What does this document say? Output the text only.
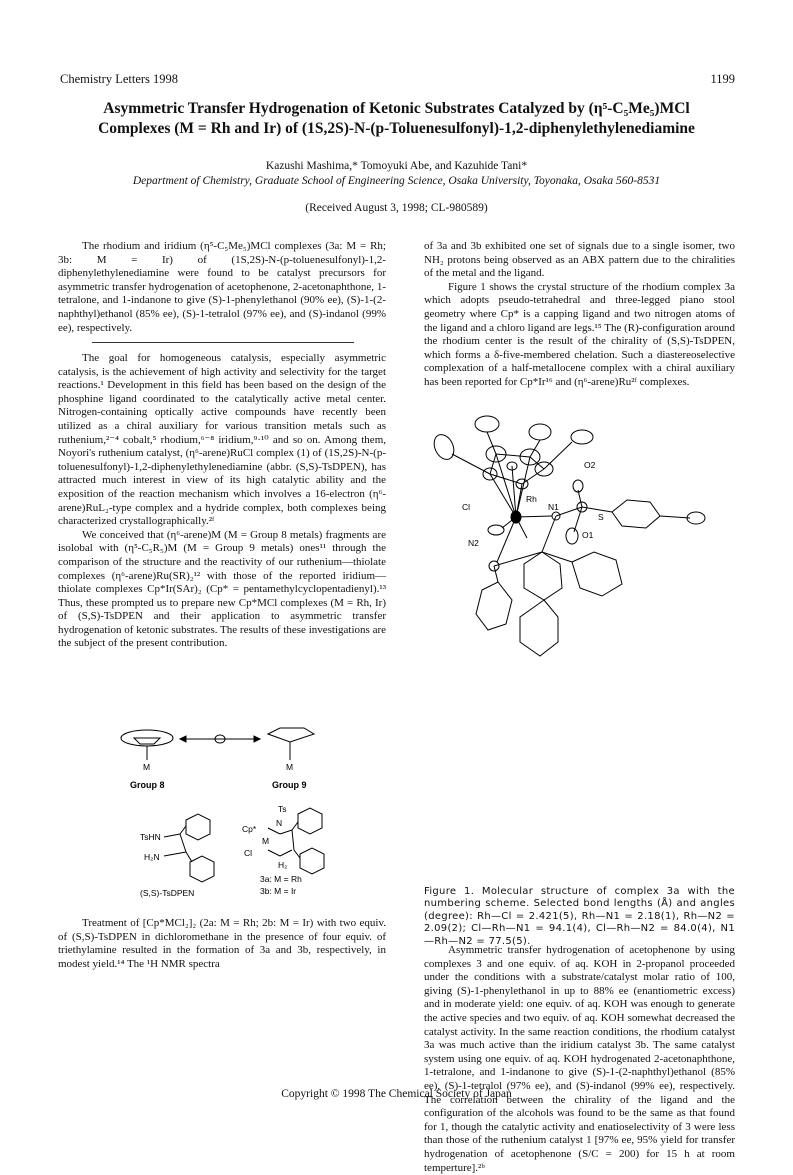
Chemistry Letters 1998	1199
Asymmetric Transfer Hydrogenation of Ketonic Substrates Catalyzed by (η⁵-C₅Me₅)MCl
Complexes (M = Rh and Ir) of (1S,2S)-N-(p-Toluenesulfonyl)-1,2-diphenylethylenediamine
Kazushi Mashima,* Tomoyuki Abe, and Kazuhide Tani*
Department of Chemistry, Graduate School of Engineering Science, Osaka University, Toyonaka, Osaka 560-8531
(Received August 3, 1998; CL-980589)

The rhodium and iridium (η⁵-C₅Me₅)MCl complexes (3a: M = Rh; 3b: M = Ir) of (1S,2S)-N-(p-toluenesulfonyl)-1,2-diphenylethylenediamine were found to be catalyst precursors for asymmetric transfer hydrogenation of acetophenone, 2-acetonaphthone, 1-tetralone, and 1-indanone to give (S)-1-phenylethanol (90% ee), (S)-1-(2-naphthyl)ethanol (85% ee), (S)-1-tetralol (97% ee), and (S)-indanol (99% ee), respectively.

The goal for homogeneous catalysis, especially asymmetric catalysis, is the achievement of high activity and selectivity for the target reactions.¹ Development in this field has been based on the design of the phosphine ligand coordinated to the catalytically active metal center. Nitrogen-containing optically active compounds have recently been utilized as a chiral auxiliary for various transition metals such as ruthenium,²⁻⁴ cobalt,⁵ rhodium,⁶⁻⁸ iridium,⁹·¹⁰ and so on. Among them, Noyori's ruthenium catalyst, (η⁶-arene)RuCl complex (1) of (1S,2S)-N-(p-toluenesulfonyl)-1,2-diphenylethylenediamine (abbr. (S,S)-TsDPEN), has attracted much interest in view of its high catalytic ability and the exposition of the reaction mechanism which involves a 16-electron (η⁶-arene)RuL₂-type complex and a hydride complex, both complexes being characterized crystallographically.²ᶠ

We conceived that (η⁶-arene)M (M = Group 8 metals) fragments are isolobal with (η⁵-C₅R₅)M (M = Group 9 metals) ones¹¹ through the comparison of the structure and the reactivity of our ruthenium—thiolate complexes (η⁶-arene)Ru(SR)₂¹² with those of the reported iridium—thiolate complexes Cp*Ir(SAr)₂ (Cp* = pentamethylcyclopentadienyl).¹³ Thus, these prompted us to prepare new Cp*MCl complexes (M = Rh, Ir) of (S,S)-TsDPEN and their application to asymmetric transfer hydrogenation of ketonic substrates. The results of these investigations are the subject of the present contribution.

M	M
Group 8	Group 9
TsHN
H₂N
(S,S)-TsDPEN
Cp*
Cl
Ts
N
M
H₂
3a: M = Rh
3b: M = Ir

Treatment of [Cp*MCl₂]₂ (2a: M = Rh; 2b: M = Ir) with two equiv. of (S,S)-TsDPEN in dichloromethane in the presence of four equiv. of triethylamine resulted in the formation of 3a and 3b, respectively, in modest yield.¹⁴ The ¹H NMR spectra

of 3a and 3b exhibited one set of signals due to a single isomer, two NH₂ protons being observed as an ABX pattern due to the chiralities of the metal and the ligand.

Figure 1 shows the crystal structure of the rhodium complex 3a which adopts pseudo-tetrahedral and three-legged piano stool geometry where Cp* is a capping ligand and two nitrogen atoms of the ligand and a chloro ligand are legs.¹⁵ The (R)-configuration around the rhodium center is the result of the chirality of (S,S)-TsDPEN, which forms a δ-five-membered chelation. Such a diastereoselective complexation of a half-metallocene complex with a chiral auxiliary has been reported for Cp*Ir¹⁶ and (η⁶-arene)Ru²ᶠ complexes.

O2
Rh
Cl	N1
S
N2
O1
Figure 1. Molecular structure of complex 3a with the numbering scheme. Selected bond lengths (Å) and angles (degree): Rh—Cl = 2.421(5), Rh—N1 = 2.18(1), Rh—N2 = 2.09(2); Cl—Rh—N1 = 94.1(4), Cl—Rh—N2 = 84.0(4), N1—Rh—N2 = 77.5(5).

Asymmetric transfer hydrogenation of acetophenone by using complexes 3 and one equiv. of aq. KOH in 2-propanol proceeded under the conditions with a substrate/catalyst molar ratio of 100, giving (S)-1-phenylethanol in up to 88% ee (enantiometric excess) and in moderate yield: one equiv. of aq. KOH was enough to generate the active species and two equiv. of aq. KOH somewhat decreased the catalyst activity. In the same reaction conditions, the rhodium catalyst 3a was much active than the iridium catalyst 3b. The same catalyst system using one equiv. of aq. KOH hydrogenated 2-acetonaphthone, 1-tetralone, and 1-indanone to give (S)-1-(2-naphthyl)ethanol (85% ee), (S)-1-tetralol (97% ee), and (S)-indanol (99% ee), respectively. The correlation between the chirality of the ligand and the configuration of the alcohols was found to be the same as that found for 1, though the catalytic activity and enatioselectivity of 3 were less than those of the ruthenium catalyst 1 [97% ee, 95% yield for transfer hydrogenation of acetophenone (S/C = 200) for 15 h at room temperture].²ᵇ

Copyright © 1998 The Chemical Society of Japan
